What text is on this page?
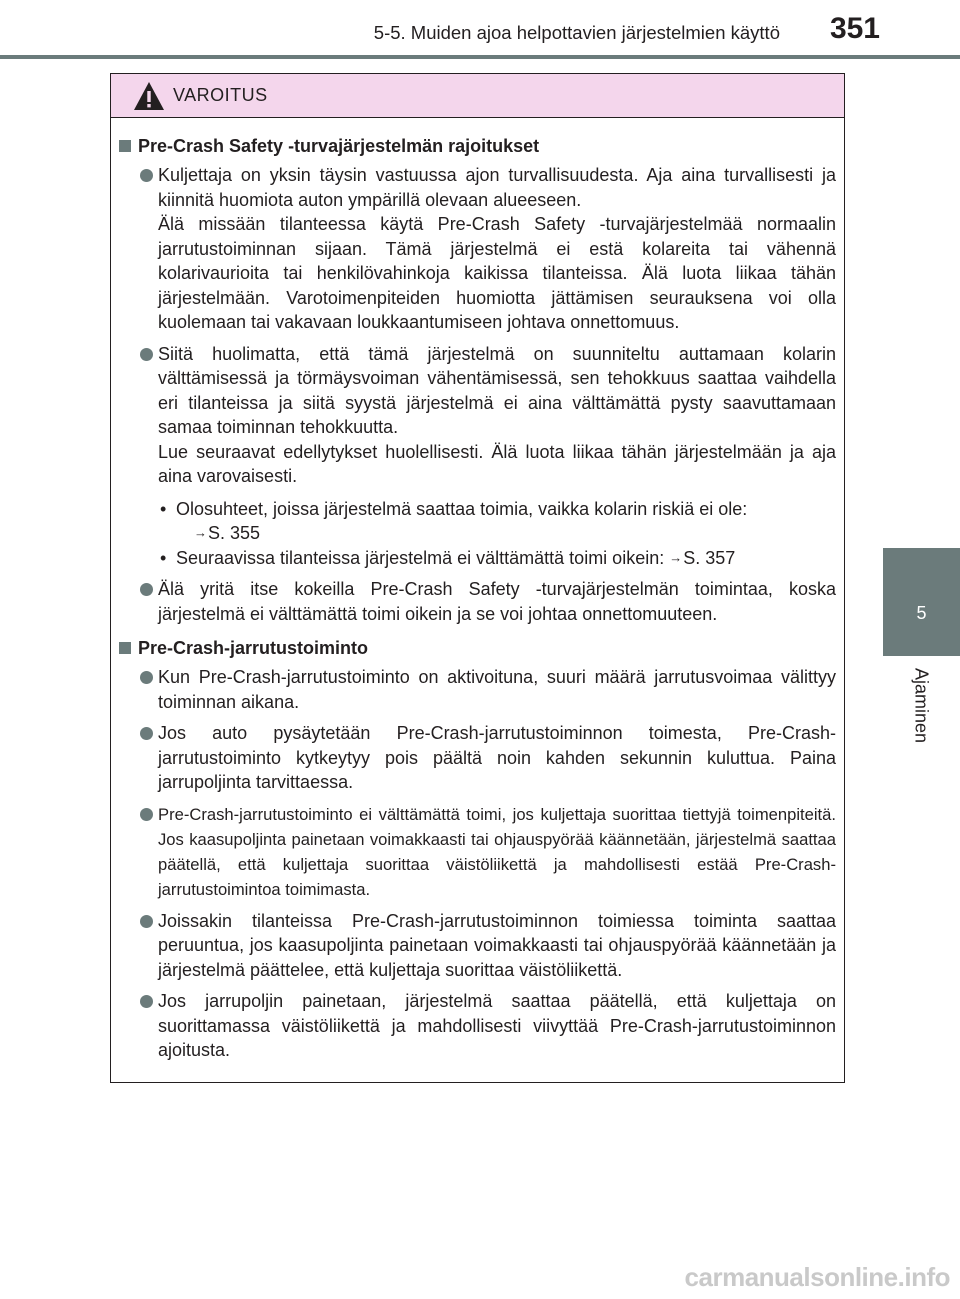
5-5. Muiden ajoa helpottavien järjestelmien käyttö	351
5
Ajaminen
VAROITUS
Pre-Crash Safety -turvajärjestelmän rajoitukset

Kuljettaja on yksin täysin vastuussa ajon turvallisuudesta. Aja aina turvallisesti ja kiinnitä huomiota auton ympärillä olevaan alueeseen.

Älä missään tilanteessa käytä Pre-Crash Safety -turvajärjestelmää normaalin jarrutustoiminnan sijaan. Tämä järjestelmä ei estä kolareita tai vähennä kolarivaurioita tai henkilövahinkoja kaikissa tilanteissa. Älä luota liikaa tähän järjestelmään. Varotoimenpiteiden huomiotta jättämisen seurauksena voi olla kuolemaan tai vakavaan loukkaantumiseen johtava onnettomuus.

Siitä huolimatta, että tämä järjestelmä on suunniteltu auttamaan kolarin välttämisessä ja törmäysvoiman vähentämisessä, sen tehokkuus saattaa vaihdella eri tilanteissa ja siitä syystä järjestelmä ei aina välttämättä pysty saavuttamaan samaa toiminnan tehokkuutta.

Lue seuraavat edellytykset huolellisesti. Älä luota liikaa tähän järjestelmään ja aja aina varovaisesti.

• Olosuhteet, joissa järjestelmä saattaa toimia, vaikka kolarin riskiä ei ole:
→S. 355
• Seuraavissa tilanteissa järjestelmä ei välttämättä toimi oikein: →S. 357

Älä yritä itse kokeilla Pre-Crash Safety -turvajärjestelmän toimintaa, koska järjestelmä ei välttämättä toimi oikein ja se voi johtaa onnettomuuteen.

Pre-Crash-jarrutustoiminto

Kun Pre-Crash-jarrutustoiminto on aktivoituna, suuri määrä jarrutusvoimaa välittyy toiminnan aikana.

Jos auto pysäytetään Pre-Crash-jarrutustoiminnon toimesta, Pre-Crash-jarrutustoiminto kytkeytyy pois päältä noin kahden sekunnin kuluttua. Paina jarrupoljinta tarvittaessa.

Pre-Crash-jarrutustoiminto ei välttämättä toimi, jos kuljettaja suorittaa tiettyjä toimenpiteitä. Jos kaasupoljinta painetaan voimakkaasti tai ohjauspyörää käännetään, järjestelmä saattaa päätellä, että kuljettaja suorittaa väistöliikettä ja mahdollisesti estää Pre-Crash-jarrutustoimintoa toimimasta.

Joissakin tilanteissa Pre-Crash-jarrutustoiminnon toimiessa toiminta saattaa peruuntua, jos kaasupoljinta painetaan voimakkaasti tai ohjauspyörää käännetään ja järjestelmä päättelee, että kuljettaja suorittaa väistöliikettä.

Jos jarrupoljin painetaan, järjestelmä saattaa päätellä, että kuljettaja on suorittamassa väistöliikettä ja mahdollisesti viivyttää Pre-Crash-jarrutustoiminnon ajoitusta.

carmanualsonline.info
